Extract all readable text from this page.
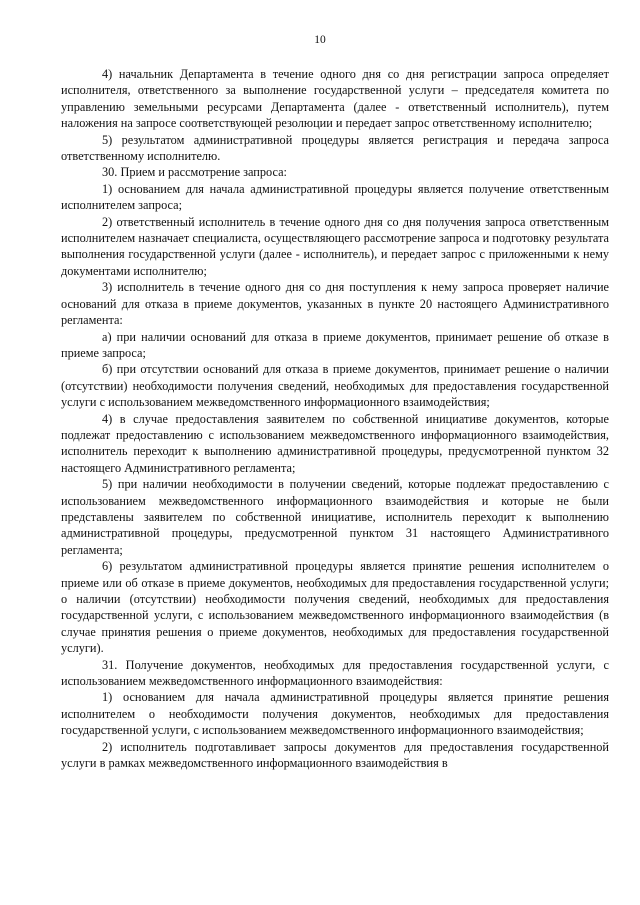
10

4) начальник Департамента в течение одного дня со дня регистрации запроса определяет исполнителя, ответственного за выполнение государственной услуги – председателя комитета по управлению земельными ресурсами Департамента (далее - ответственный исполнитель), путем наложения на запросе соответствующей резолюции и передает запрос ответственному исполнителю;

5) результатом административной процедуры является регистрация и передача запроса ответственному исполнителю.

30. Прием и рассмотрение запроса:

1) основанием для начала административной процедуры является получение ответственным исполнителем запроса;

2) ответственный исполнитель в течение одного дня со дня получения запроса ответственным исполнителем назначает специалиста, осуществляющего рассмотрение запроса и подготовку результата выполнения государственной услуги (далее - исполнитель), и передает запрос с приложенными к нему документами исполнителю;

3) исполнитель в течение одного дня со дня поступления к нему запроса проверяет наличие оснований для отказа в приеме документов, указанных в пункте 20 настоящего Административного регламента:

а) при наличии оснований для отказа в приеме документов, принимает решение об отказе в приеме запроса;

б) при отсутствии оснований для отказа в приеме документов, принимает решение о наличии (отсутствии) необходимости получения сведений, необходимых для предоставления государственной услуги с использованием межведомственного информационного взаимодействия;

4) в случае предоставления заявителем по собственной инициативе документов, которые подлежат предоставлению с использованием межведомственного информационного взаимодействия, исполнитель переходит к выполнению административной процедуры, предусмотренной пунктом 32 настоящего Административного регламента;

5) при наличии необходимости в получении сведений, которые подлежат предоставлению с использованием межведомственного информационного взаимодействия и которые не были представлены заявителем по собственной инициативе, исполнитель переходит к выполнению административной процедуры, предусмотренной пунктом 31 настоящего Административного регламента;

6) результатом административной процедуры является принятие решения исполнителем о приеме или об отказе в приеме документов, необходимых для предоставления государственной услуги; о наличии (отсутствии) необходимости получения сведений, необходимых для предоставления государственной услуги, с использованием межведомственного информационного взаимодействия (в случае принятия решения о приеме документов, необходимых для предоставления государственной услуги).

31. Получение документов, необходимых для предоставления государственной услуги, с использованием межведомственного информационного взаимодействия:

1) основанием для начала административной процедуры является принятие решения исполнителем о необходимости получения документов, необходимых для предоставления государственной услуги, с использованием межведомственного информационного взаимодействия;

2) исполнитель подготавливает запросы документов для предоставления государственной услуги в рамках межведомственного информационного взаимодействия в
